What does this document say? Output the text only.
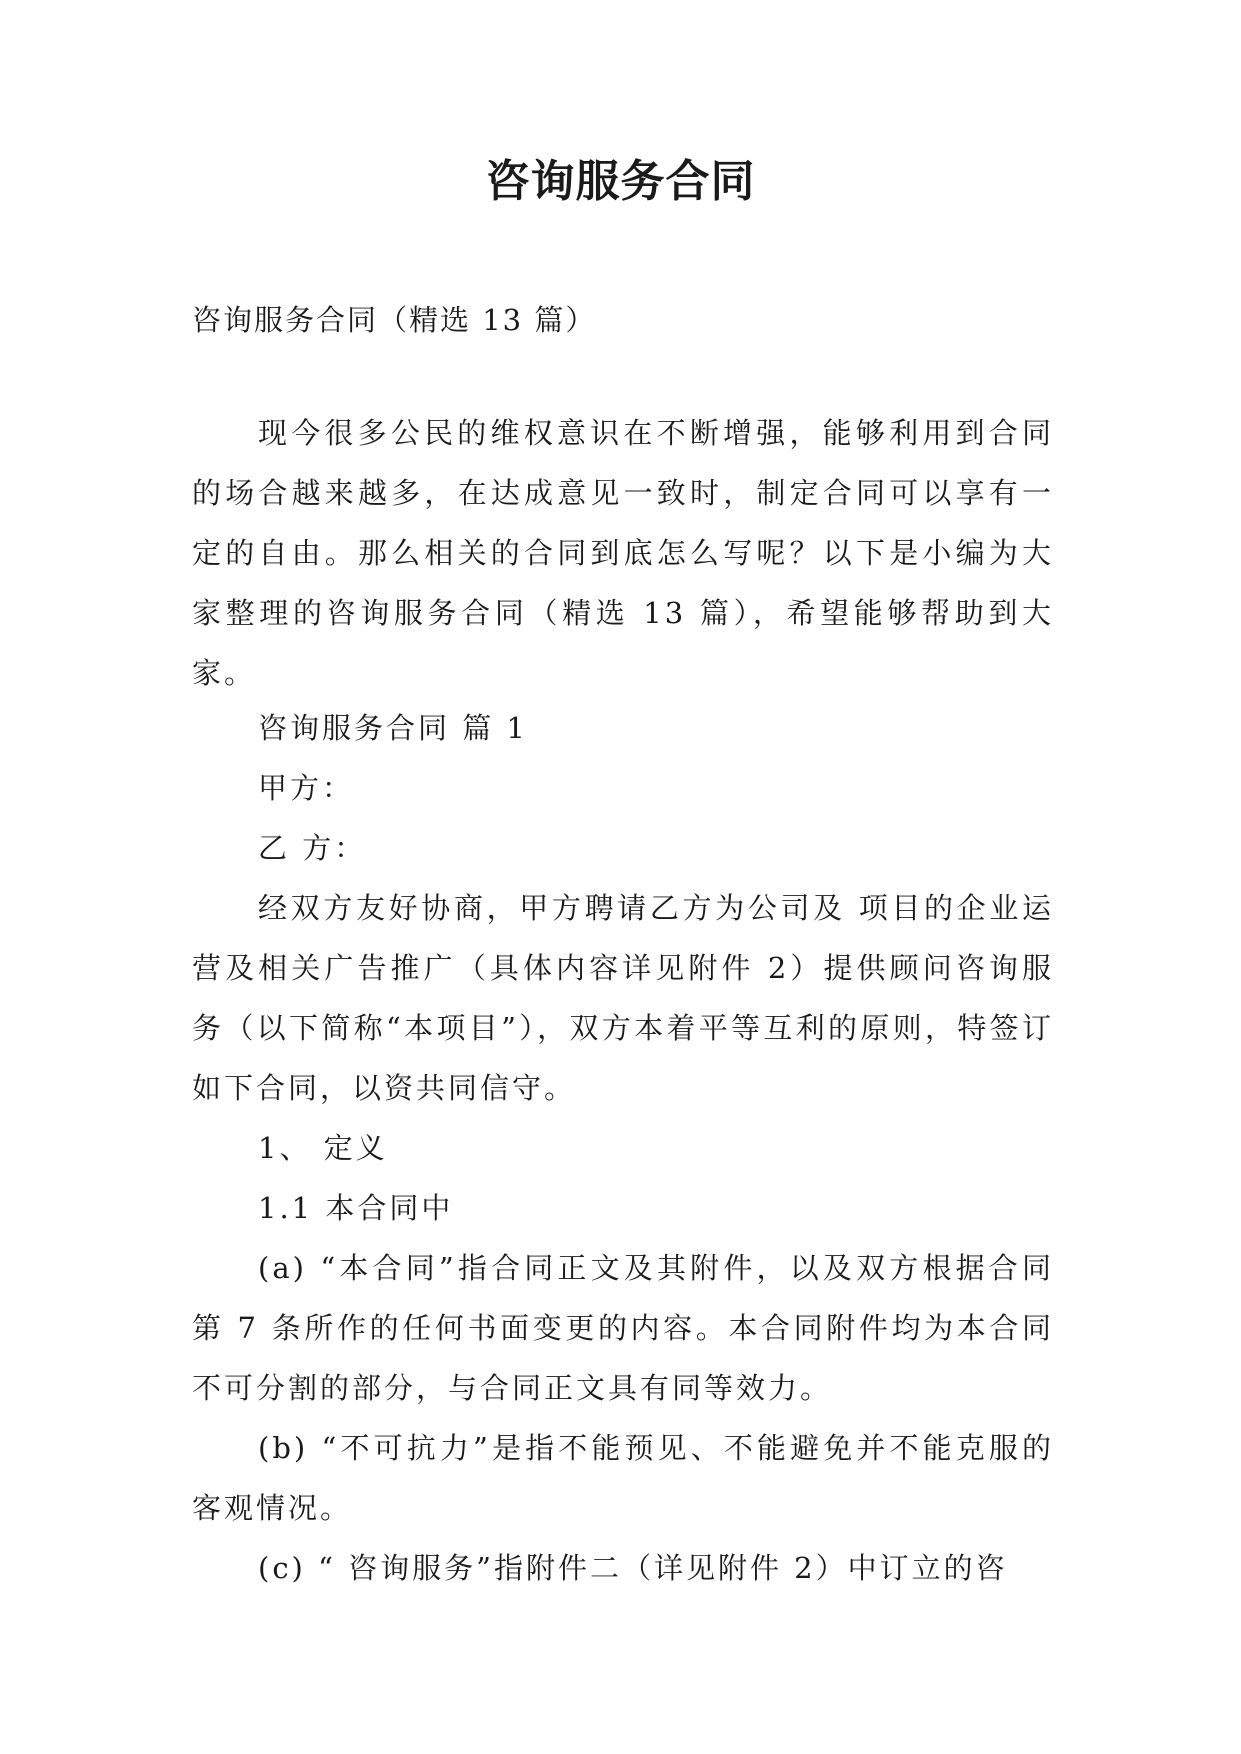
咨询服务合同
咨询服务合同（精选 13 篇）

现今很多公民的维权意识在不断增强，能够利用到合同的场合越来越多，在达成意见一致时，制定合同可以享有一定的自由。那么相关的合同到底怎么写呢？以下是小编为大家整理的咨询服务合同（精选 13 篇），希望能够帮助到大家。

咨询服务合同 篇 1

甲方：

乙 方：

经双方友好协商，甲方聘请乙方为公司及 项目的企业运营及相关广告推广（具体内容详见附件 2）提供顾问咨询服务（以下简称“本项目”），双方本着平等互利的原则，特签订如下合同，以资共同信守。

1、 定义

1.1 本合同中

(a) “本合同”指合同正文及其附件，以及双方根据合同第 7 条所作的任何书面变更的内容。本合同附件均为本合同不可分割的部分，与合同正文具有同等效力。

(b) “不可抗力”是指不能预见、不能避免并不能克服的客观情况。

(c) “ 咨询服务”指附件二（详见附件 2）中订立的咨
